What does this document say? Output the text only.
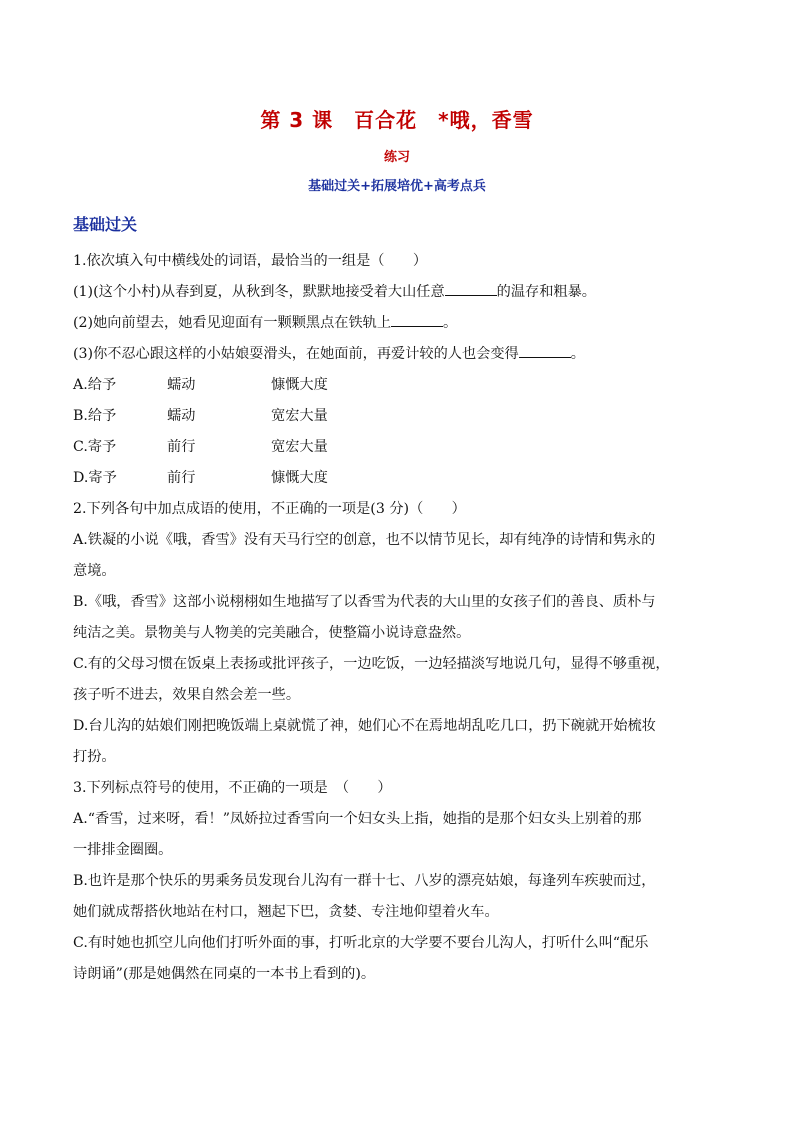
第 3 课　百合花　*哦，香雪
练习
基础过关+拓展培优+高考点兵
基础过关
1.依次填入句中横线处的词语，最恰当的一组是（　　）
(1)(这个小村)从春到夏，从秋到冬，默默地接受着大山任意	的温存和粗暴。
(2)她向前望去，她看见迎面有一颗颗黑点在铁轨上	。
(3)你不忍心跟这样的小姑娘耍滑头，在她面前，再爱计较的人也会变得	。
A.给予	蠕动	慷慨大度
B.给予	蠕动	宽宏大量
C.寄予	前行	宽宏大量
D.寄予	前行	慷慨大度
2.下列各句中加点成语的使用，不正确的一项是(3 分)（　　）
A.铁凝的小说《哦，香雪》没有天马行空的创意，也不以情节见长，却有纯净的诗情和隽永的
意境。
B.《哦，香雪》这部小说栩栩如生地描写了以香雪为代表的大山里的女孩子们的善良、质朴与
纯洁之美。景物美与人物美的完美融合，使整篇小说诗意盎然。
C.有的父母习惯在饭桌上表扬或批评孩子，一边吃饭，一边轻描淡写地说几句，显得不够重视，
孩子听不进去，效果自然会差一些。
D.台儿沟的姑娘们刚把晚饭端上桌就慌了神，她们心不在焉地胡乱吃几口，扔下碗就开始梳妆
打扮。
3.下列标点符号的使用，不正确的一项是　（　　）
A.“香雪，过来呀，看！”凤娇拉过香雪向一个妇女头上指，她指的是那个妇女头上别着的那
一排排金圈圈。
B.也许是那个快乐的男乘务员发现台儿沟有一群十七、八岁的漂亮姑娘，每逢列车疾驶而过，
她们就成帮搭伙地站在村口，翘起下巴，贪婪、专注地仰望着火车。
C.有时她也抓空儿向他们打听外面的事，打听北京的大学要不要台儿沟人，打听什么叫“配乐
诗朗诵”(那是她偶然在同桌的一本书上看到的)。
